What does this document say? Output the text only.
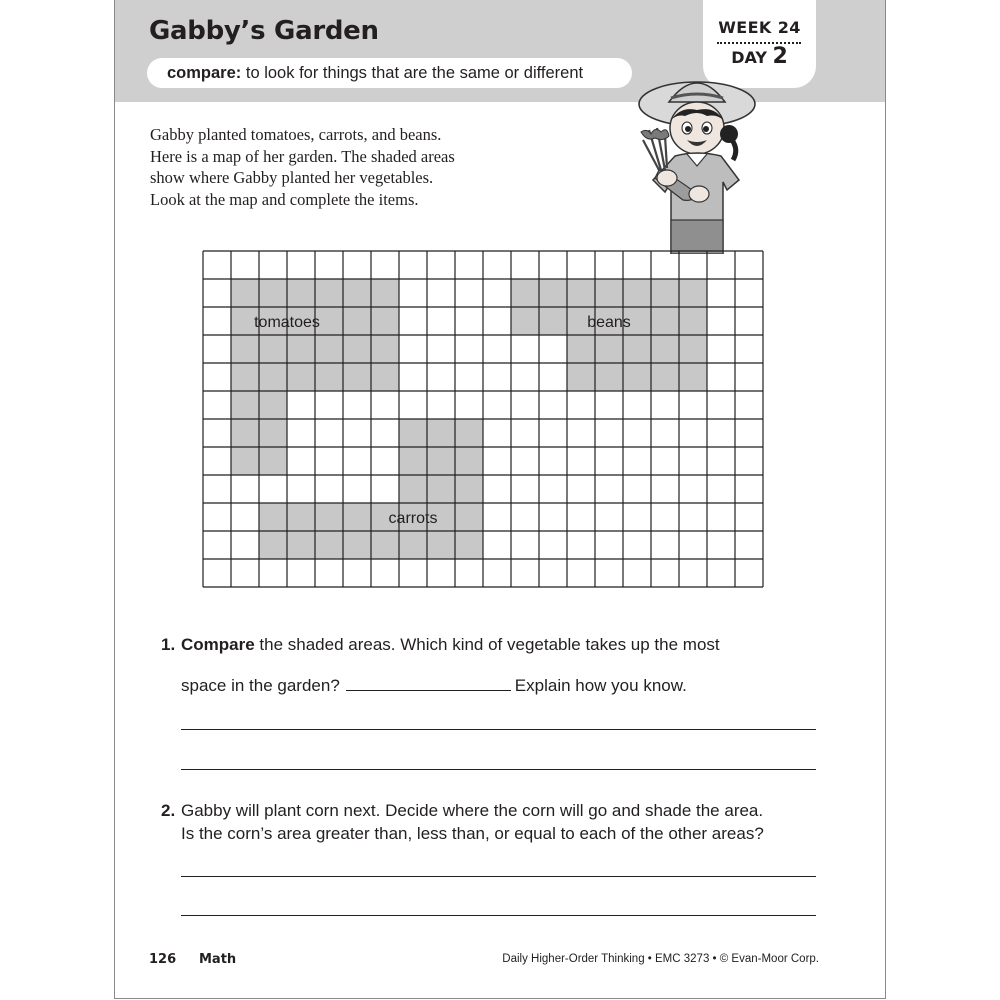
Gabby’s Garden
compare: to look for things that are the same or different
WEEK 24
DAY 2

Gabby planted tomatoes, carrots, and beans.
Here is a map of her garden. The shaded areas
show where Gabby planted her vegetables.
Look at the map and complete the items.

tomatoes
carrots
beans
1. Compare the shaded areas. Which kind of vegetable takes up the most
space in the garden?	Explain how you know.
2. Gabby will plant corn next. Decide where the corn will go and shade the area.
Is the corn’s area greater than, less than, or equal to each of the other areas?
126 Math	Daily Higher-Order Thinking • EMC 3273 • © Evan-Moor Corp.
